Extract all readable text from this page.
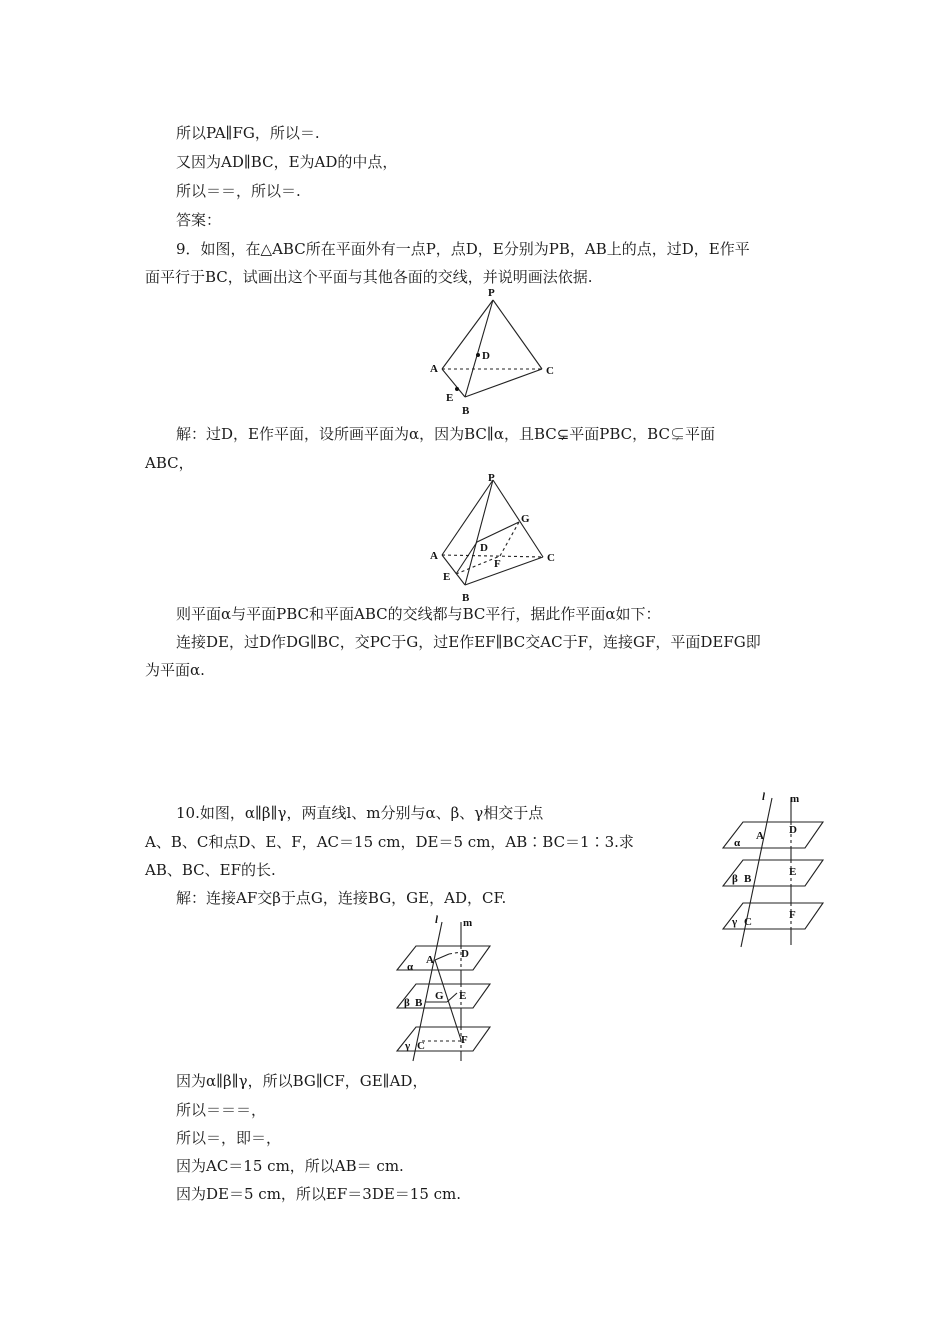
所以PA∥FG，所以＝.
又因为AD∥BC，E为AD的中点，
所以＝＝，所以＝.
答案：
9．如图，在△ABC所在平面外有一点P，点D，E分别为PB，AB上的点，过D，E作平
面平行于BC，试画出这个平面与其他各面的交线，并说明画法依据.
解：过D，E作平面，设所画平面为α，因为BC∥α，且BC⊊平面PBC，BC⊊平面
ABC，
则平面α与平面PBC和平面ABC的交线都与BC平行，据此作平面α如下：
连接DE，过D作DG∥BC，交PC于G，过E作EF∥BC交AC于F，连接GF，平面DEFG即
为平面α.
10.如图，α∥β∥γ，两直线l、m分别与α、β、γ相交于点
A、B、C和点D、E、F，AC＝15 cm，DE＝5 cm，AB∶BC＝1∶3.求
AB、BC、EF的长.
解：连接AF交β于点G，连接BG，GE，AD，CF.
因为α∥β∥γ，所以BG∥CF，GE∥AD，
所以＝＝＝，
所以＝，即＝，
因为AC＝15 cm，所以AB＝ cm.
因为DE＝5 cm，所以EF＝3DE＝15 cm.
P
D
A	C
E
B
P
G
A
D
F	C
E
B
l m
A D
α
β B
E
γ C
F
l m
A D
α
β B
G E
γ C	F
